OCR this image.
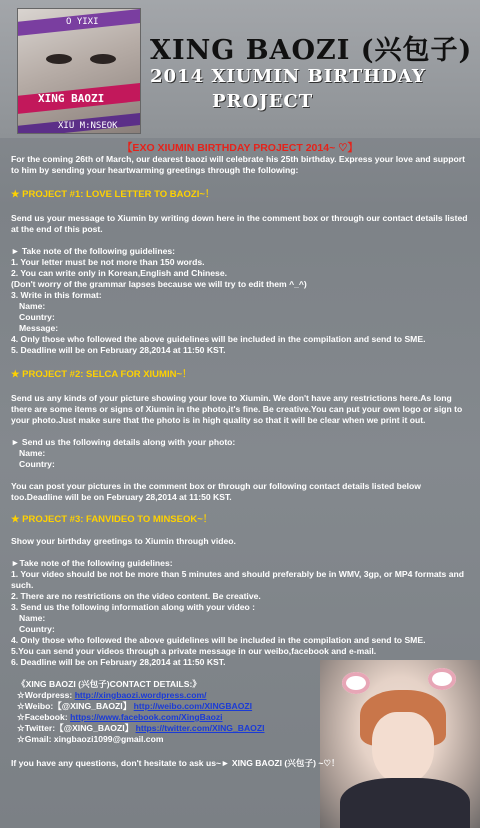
O YIXI
XING BAOZI
XIU M:NSEOK
XING BAOZI (兴包子)
2014 XIUMIN BIRTHDAY
PROJECT

【EXO XIUMIN BIRTHDAY PROJECT 2014~ ♡】

For the coming 26th of March, our dearest baozi will celebrate his 25th birthday. Express your love and support to him by sending your heartwarming greetings through the following:

★ PROJECT #1: LOVE LETTER TO BAOZI~！

Send us your message to Xiumin by writing down here in the comment box or through our contact details listed at the end of this post.

► Take note of the following guidelines:

1. Your letter must be not more than 150 words.

2. You can write only in Korean,English and Chinese.

(Don't worry of the grammar lapses because we will try to edit them ^_^)

3. Write in this format:

Name:

Country:

Message:

4. Only those who followed the above guidelines will be included in the compilation and send to SME.

5. Deadline will be on February 28,2014 at 11:50 KST.

★ PROJECT #2: SELCA FOR XIUMIN~！

Send us any kinds of your picture showing your love to Xiumin. We don't have any restrictions here.As long there are some items or signs of Xiumin in the photo,it's fine. Be creative.You can put your own logo or sign to your photo.Just make sure that the photo is in high quality so that it will be clear when we print it out.

► Send us the following details along with your photo:

Name:

Country:

You can post your pictures in the comment box or through our following contact details listed below too.Deadline will be on February 28,2014 at 11:50 KST.

★ PROJECT #3: FANVIDEO TO MINSEOK~！

Show your birthday greetings to Xiumin through video.

►Take note of the following guidelines:

1. Your video should be not be more than 5 minutes and should preferably be in WMV, 3gp, or MP4 formats and such.

2. There are no restrictions on the video content. Be creative.

3. Send us the following information along with your video :

Name:

Country:

4. Only those who followed the above guidelines will be included in the compilation and send to SME.

5.You can send your videos through a private message in our weibo,facebook and e-mail.

6. Deadline will be on February 28,2014 at 11:50 KST.

《XING BAOZI (兴包子)CONTACT DETAILS:》

☆Wordpress: http://xingbaozi.wordpress.com/

☆Weibo:【@XING_BAOZI】 http://weibo.com/XINGBAOZI

☆Facebook: https://www.facebook.com/XingBaozi

☆Twitter:【@XING_BAOZI】 https://twitter.com/XING_BAOZI

☆Gmail: xingbaozi1099@gmail.com

If you have any questions, don't hesitate to ask us~► XING BAOZI (兴包子) ~♡！
